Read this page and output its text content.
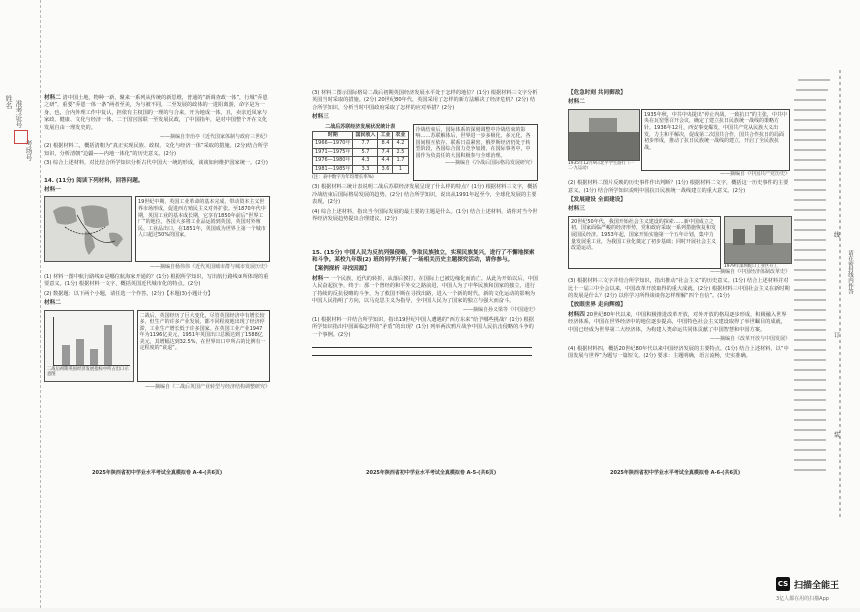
姓名 准考证号
考场号

材料二 清中国土地，物种一新，聚来一系列从传统的新思维，普通的“新调查政一体”，行城“乔恩之研”，重要“乔恩一体一条”两者至美，为与被不同，二至发展的政体的一进阻离游，命字是为一身，也，合内外理工作中复认，担依有主权国的一理的与合来，开为地成一体，且，卖亲近凤家与家政、健康、文化与经济一体，二于国宫国联一至发展民政，了中国指年，是对中国整个开在文化发展自由一理发史的。

——摘编自李治亭《近代国家体制与政府三世纪》

(2) 根据材料二，概括清朝为“真正实现民族、政权、文化与经济一体”采取的措施。(2分)结合所学知识，分析清朝“边疆——内地一体化”的历史意义。(2分)

(3) 综合上述材料，对比结合所学知识分析古代中国大一统的形成，谈谈如何维护国家统一。(2分)

14. (11分) 阅读下列材料，回答问题。

材料一

19世纪中期，英国工业革命的基本完成，带动资本主义世界市场形成，促进西方殖民主义对外扩张。至1870年代中期，英国工业的基本成长期，它享有1850年前后“世界工厂”的地位，各国大多将工业品运销到英国，英国对外殖民、工业品出口，在1851年，英国成为世界上第一个城市人口超过50%的国家。

——摘编自杨伟伟《近代英国城市群与城市发展历史》

(1) 材料一图中航行路线①是哪位航海家开通的？(1分) 根据所学知识，写出航行路线③所体现的重要意义。(1分) 根据材料一文字，概括英国近代城市化的特点。(2分)

(2) 数据题：以下两个小题，请任选一个作答。(2分)【本题(3)小题计分】

材料二

二战后初期英国经济发展指标中所占出口示意图
二战后，英国经历了巨大变化，尽管英国经济中有增长较多，但生产的许多产业发展，都不同程度地出现了经济停滞，工业生产增长低于许多国家。在英国工业产业1947年为1196亿美元，1951年英国出口总额达到了1588亿美元，其增幅达到32.5%，在世界出口中所占的比例有一定程度的“衰退”。

——摘编自《二战后英国产业转型与经济结构调整研究》

2025年陕西省初中学业水平考试全真模拟卷 A-4-(共6页)

(3) 材料二图示国际格局二战后初期英国经济发展水平处于怎样的地位？(1分) 根据材料三文字分析英国当时采取的措施。(2分) 20世纪80年代，英国采用了怎样的新方法解决了经济危机？(2分) 结合所学知识，分析当时中国政府采取了怎样的应对举措？(2分)

材料三

二战后苏联经济发展状况统计表
时期	国民收入	工业	农业
1966—1970年	7.7	8.4	4.2
1971—1975年	5.7	7.4	2.5
1976—1980年	4.3	4.4	1.7
1981—1985年	3.3	3.6	1
(注：表中数字为年均增长率%)
冷战结束后，国际体系的深刻调整中冷战结束的影响……苏联解体后，世界进一步多极化，多元化，各国间相互依存、联系日益紧密，俄罗斯经济仍处于转型阶段，各国综合国力竞争加剧，在国际事务中，中国作为负责任的大国积极参与全球治理。
——摘编自《冷战后国际格局发展研究》

(3) 根据材料三统计表说明二战后苏联经济发展呈现了什么样的特点？(1分) 根据材料三文字，概括冷战结束后国际格局发展的趋势。(2分) 结合所学知识，说出从1991年起至今，全球化发展的主要表现。(2分)

(4) 综合上述材料，指出当今国际发展的最主要的主题是什么。(1分) 结合上述材料，请你对当今世界经济发展趋势提出合理建议。(2分)

15. (15分) 中国人民为反抗列强侵略，争取民族独立，实现民族复兴，进行了不懈地探索和斗争。某校九年级(2) 班的同学开展了一场相关历史主题探究活动，请你参与。

【案例探析 寻找因源】

材料一 一个民族，近代的转折，从落后挨打，在国际上已被边缘化而消亡。从此为开始以后，中国人民奋起抗争，终于：那一个曾经的和平外交之路前进，中国人为了中华民族和国家的独立，进行了持续的反抗侵略的斗争，为了救国不断在寻找出路，进入一个新的时代。新的文化运动的影响为中国人民指明了方向，以马克思主义为指导，全中国人民为了国家的独立与强大而奋斗。

——摘编自孙义梁等《中国通史》

(1) 根据材料一并结合所学知识，指出19世纪中国人遭遇的“西方东来”给予哪些挑战？(1分) 根据所学知识指出中国面临怎样的“矛盾”的出现？(1分) 列举两次鸦片战争中国人民抗击侵略的斗争的一个事例。(2分)

2025年陕西省初中学业水平考试全真模拟卷 A-5-(共6页)

【危急时刻 共同御敌】

材料二

1935年12月9日北平学生游行（一二·九运动）
1935年秋，中共中央提出“停止内战，一致抗日”的主张，中共中央在瓦窑堡召开会议，确定了建立抗日民族统一战线的策略方针。1936年12月，西安事变爆发，中国共产党从民族大义出发，力主和平解决，促成第二次国共合作，国共合作抗日的局面初步形成，推动了抗日民族统一战线的建立，开启了全民族抗战。

——摘编自《中国共产党历史》

(2) 根据材料二图片反映的历史事件作出判断？(1分) 根据材料二文字，概括这一历史事件的主要意义。(1分) 结合所学知识说明中国抗日民族统一战线建立的重大意义。(2分)

【发展建设 全面建设】

材料三

20世纪50年代，我国开始社会主义建设的探索……新中国成立之初，国家面临严峻的经济形势，党和政府采取一系列措施恢复和发展国民经济。1953年起，国家开始实施第一个五年计划，集中力量发展重工业，为我国工业化奠定了初步基础；同时开展社会主义改造运动。
1979年深圳蛇口工业区开工

——摘编自《中国经济体制改革史》

(3) 根据材料三文字并结合所学知识，指出推动“社会主义”的历史意义。(1分) 结合上述材料并对比十一届三中全会以来，中国改革开放取得的重大成就。(2分) 根据材料三中国社会主义在新时期的发展是什么？(2分) 以你学习所得谈谈你怎样理解“四个自信”。(1分)

【放眼世界 走向辉煌】

材料四 20世纪80年代以来，中国积极推进改革开放，对外开放的格局逐步形成，积极融入世界经济体系，中国在世界经济中的地位逐步提高，中国特色社会主义建设取得了举世瞩目的成就，中国已经成为世界第二大经济体，为构建人类命运共同体贡献了中国智慧和中国方案。

——摘编自《改革开放与中国发展》

(4) 根据材料四，概括20世纪80年代以来中国经济发展的主要特点。(1分) 结合上述材料，以“中国发展与世界”为题写一篇短文。(2分) 要求：主题明确，语言流畅，史实准确。

2025年陕西省初中学业水平考试全真模拟卷 A-6-(共6页)
线
订
装
请在密封线内作答
CS 扫描全能王
3亿人都在用的扫描App
